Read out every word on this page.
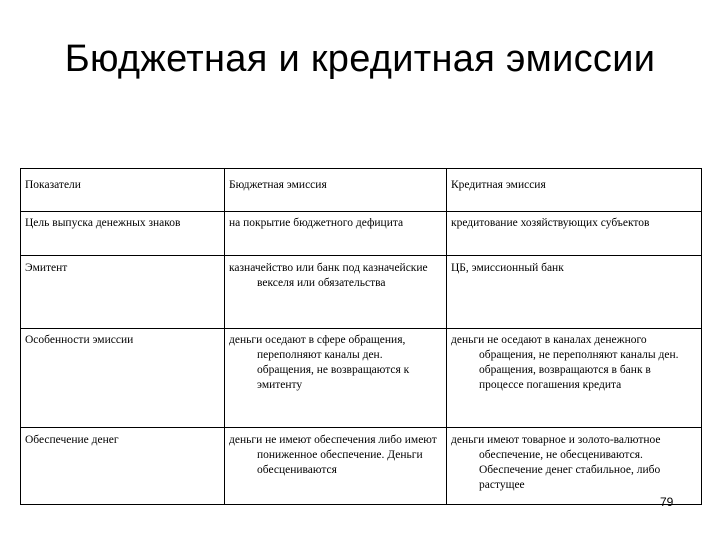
Бюджетная и кредитная эмиссии
Показатели	Бюджетная эмиссия	Кредитная эмиссия

Цель выпуска денежных знаков	на покрытие бюджетного дефицита	кредитование хозяйствующих субъектов

Эмитент	казначейство или банк под казначейские векселя или обязательства	ЦБ, эмиссионный банк

Особенности эмиссии	деньги оседают в сфере обращения, переполняют каналы ден. обращения, не возвращаются к эмитенту	деньги не оседают в каналах денежного обращения, не переполняют каналы ден. обращения, возвращаются в банк в процессе погашения кредита

Обеспечение денег	деньги не имеют обеспечения либо имеют пониженное обеспечение. Деньги обесцениваются	деньги имеют товарное и золото-валютное обеспечение, не обесцениваются. Обеспечение денег стабильное, либо растущее
79
